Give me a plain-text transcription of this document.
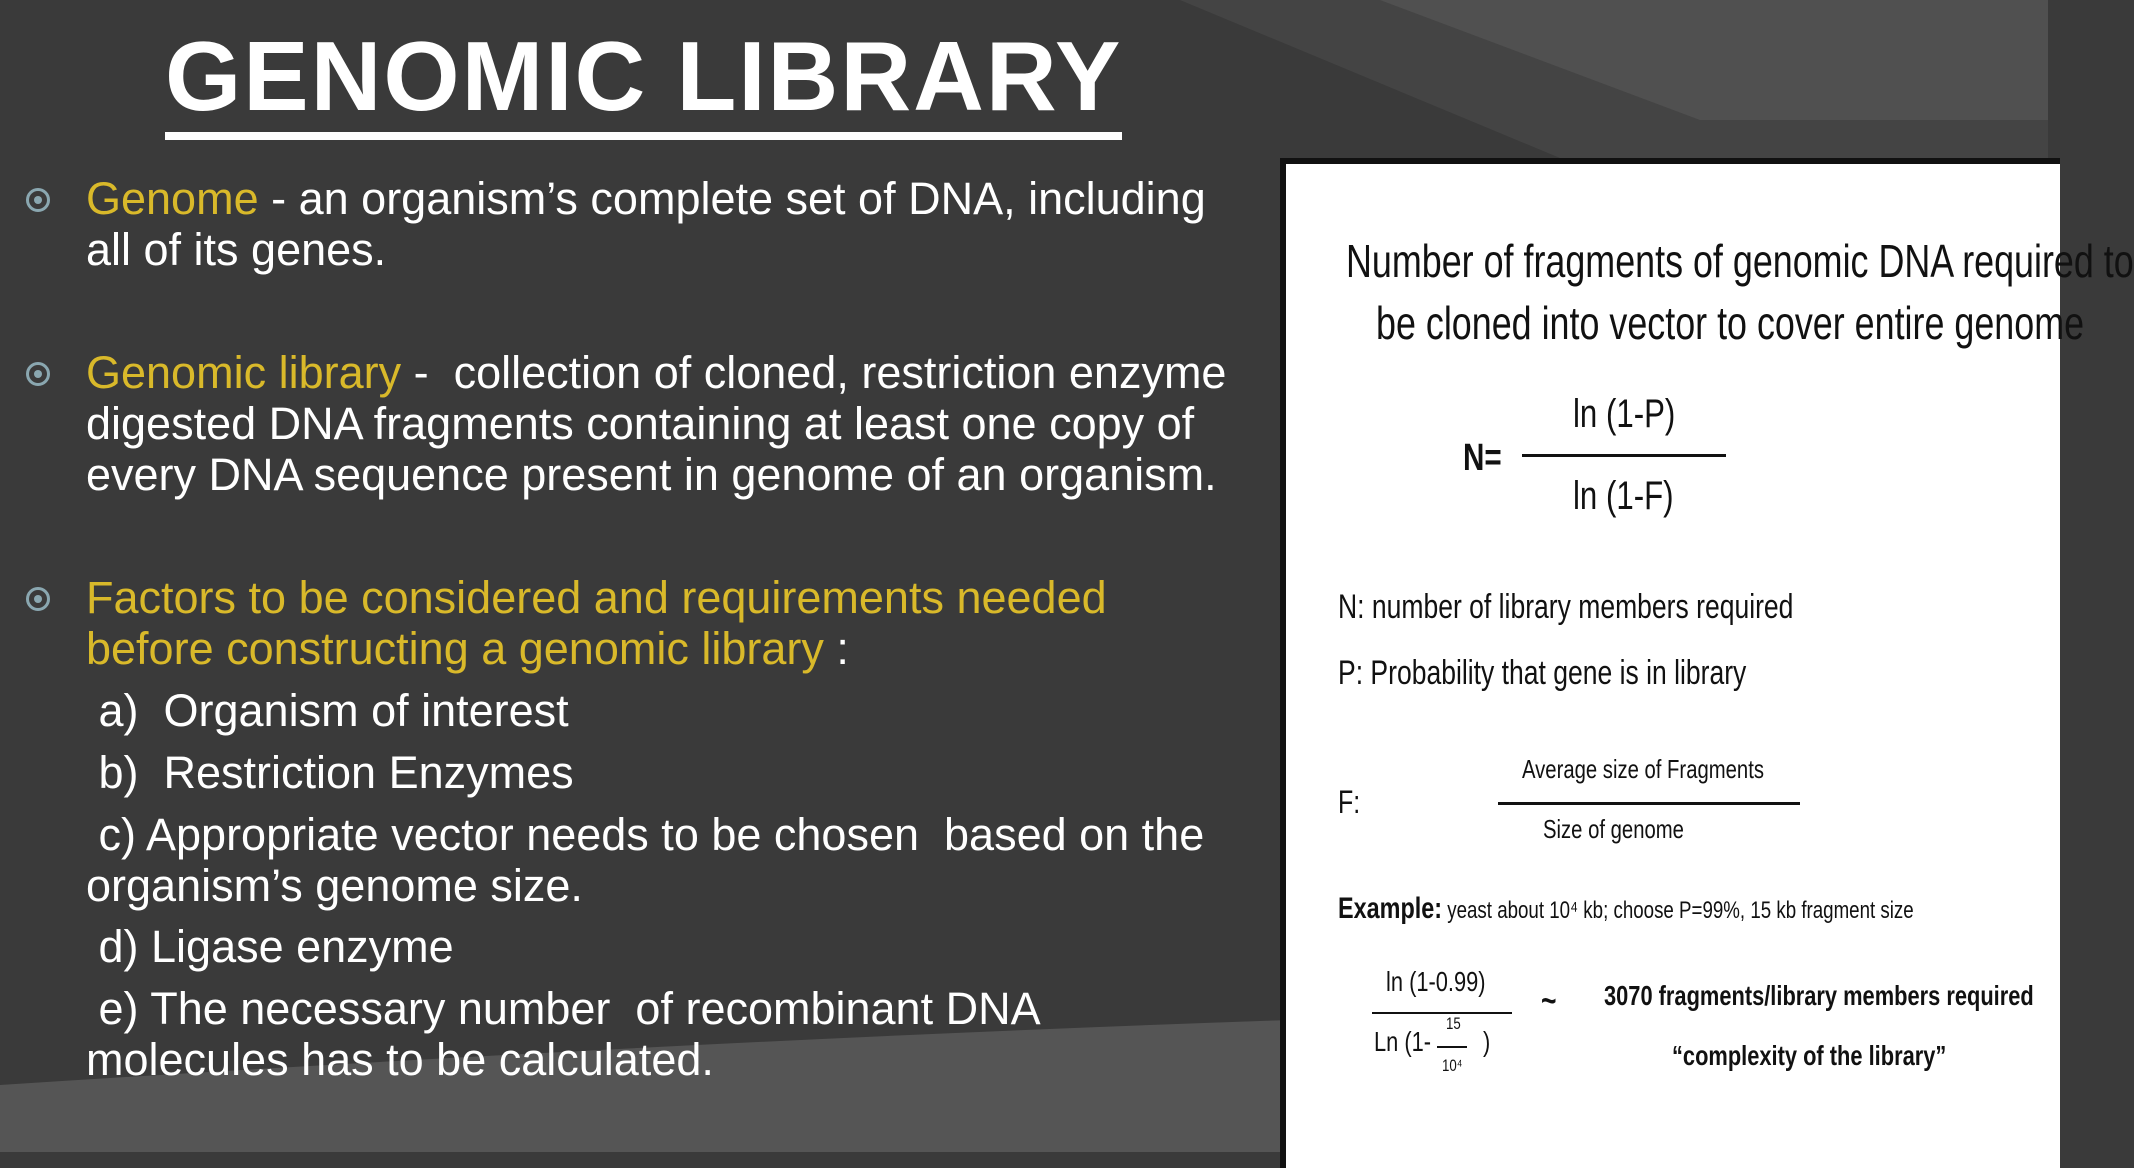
GENOMIC LIBRARY
Genome - an organism’s complete set of DNA, including
all of its genes.
Genomic library -  collection of cloned, restriction enzyme
digested DNA fragments containing at least one copy of
every DNA sequence present in genome of an organism.
Factors to be considered and requirements needed
before constructing a genomic library :
a)  Organism of interest
b)  Restriction Enzymes
c) Appropriate vector needs to be chosen  based on the
organism’s genome size.
d) Ligase enzyme
e) The necessary number  of recombinant DNA
molecules has to be calculated.
Number of fragments of genomic DNA required to
be cloned into vector to cover entire genome
N=
ln (1-P)
ln (1-F)
N: number of library members required
P: Probability that gene is in library
F:
Average size of Fragments
Size of genome
Example: yeast about 10⁴ kb; choose P=99%, 15 kb fragment size
ln (1-0.99)
Ln (1-
15
10⁴
)
~ 3070 fragments/library members required
“complexity of the library”
